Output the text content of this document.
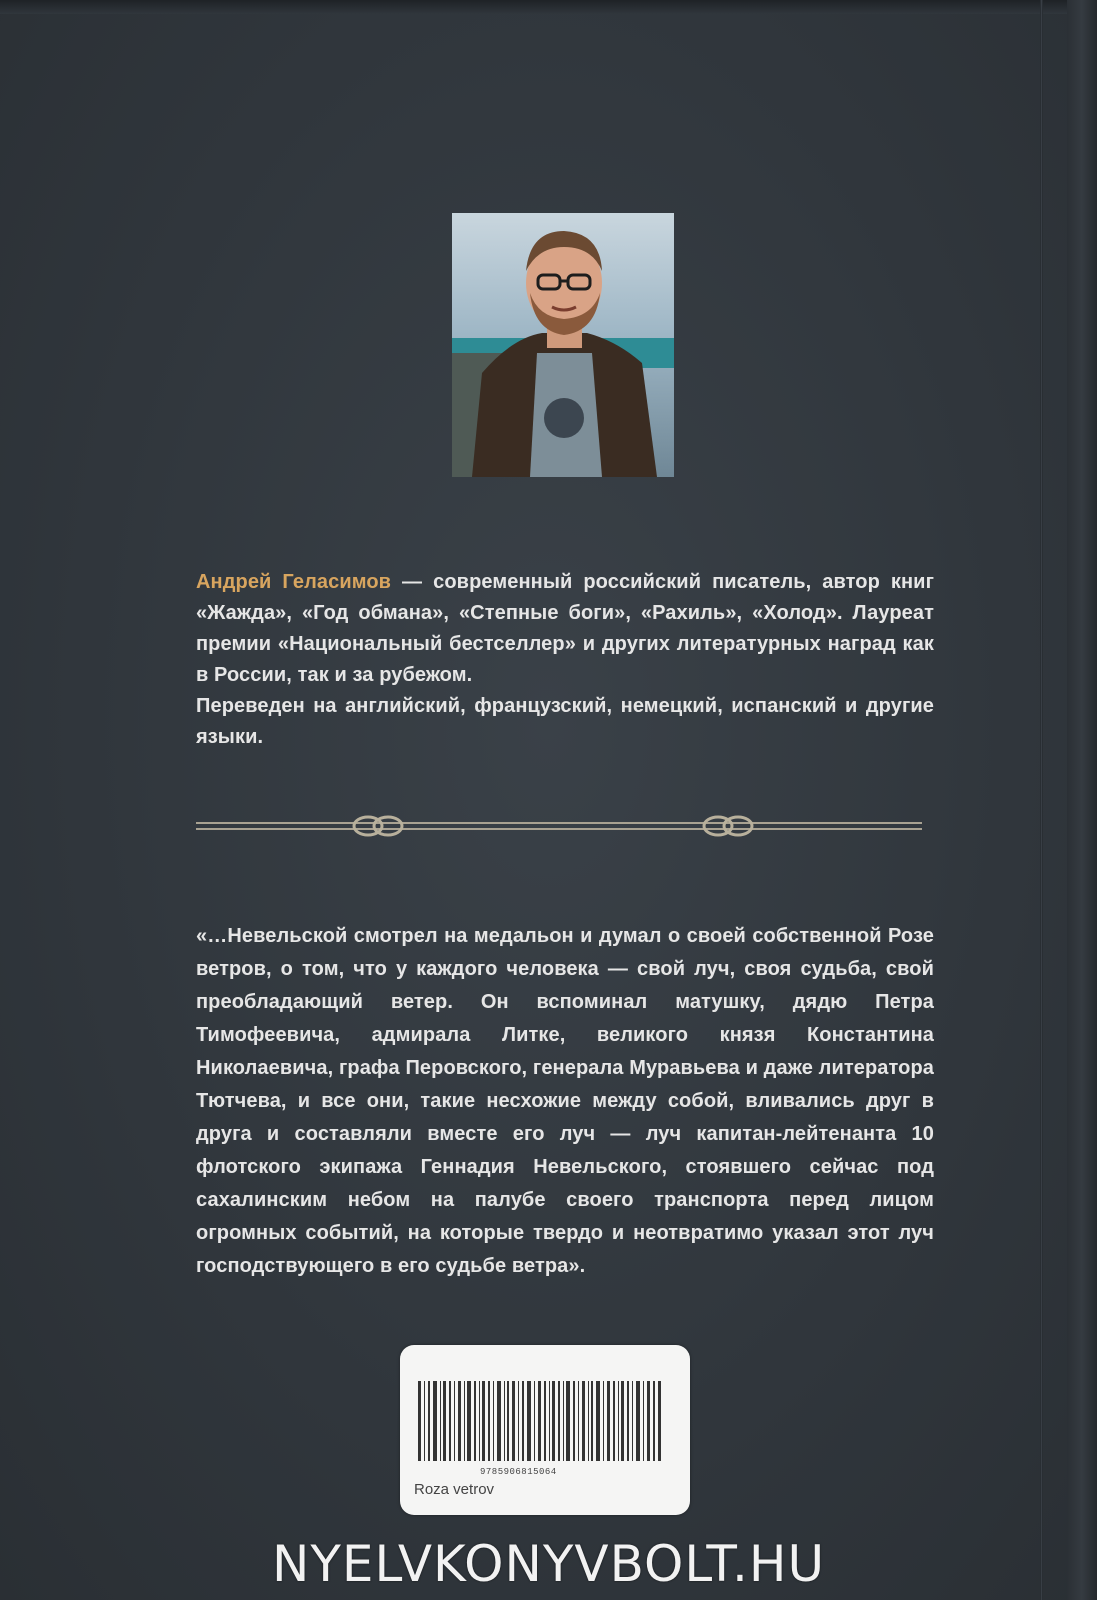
Андрей Геласимов — современный российский писатель, автор книг «Жажда», «Год обмана», «Степные боги», «Рахиль», «Холод». Лауреат премии «Национальный бестселлер» и других литературных наград как в России, так и за рубежом.

Переведен на английский, французский, немецкий, испанский и другие языки.

«…Невельской смотрел на медальон и думал о своей собственной Розе ветров, о том, что у каждого человека — свой луч, своя судьба, свой преобладающий ветер. Он вспоминал матушку, дядю Петра Тимофеевича, адмирала Литке, великого князя Константина Николаевича, графа Перовского, генерала Муравьева и даже литератора Тютчева, и все они, такие несхожие между собой, вливались друг в друга и составляли вместе его луч — луч капитан-лейтенанта 10 флотского экипажа Геннадия Невельского, стоявшего сейчас под сахалинским небом на палубе своего транспорта перед лицом огромных событий, на которые твердо и неотвратимо указал этот луч господствующего в его судьбе ветра».

9785906815064
Roza vetrov
NYELVKONYVBOLT.HU
